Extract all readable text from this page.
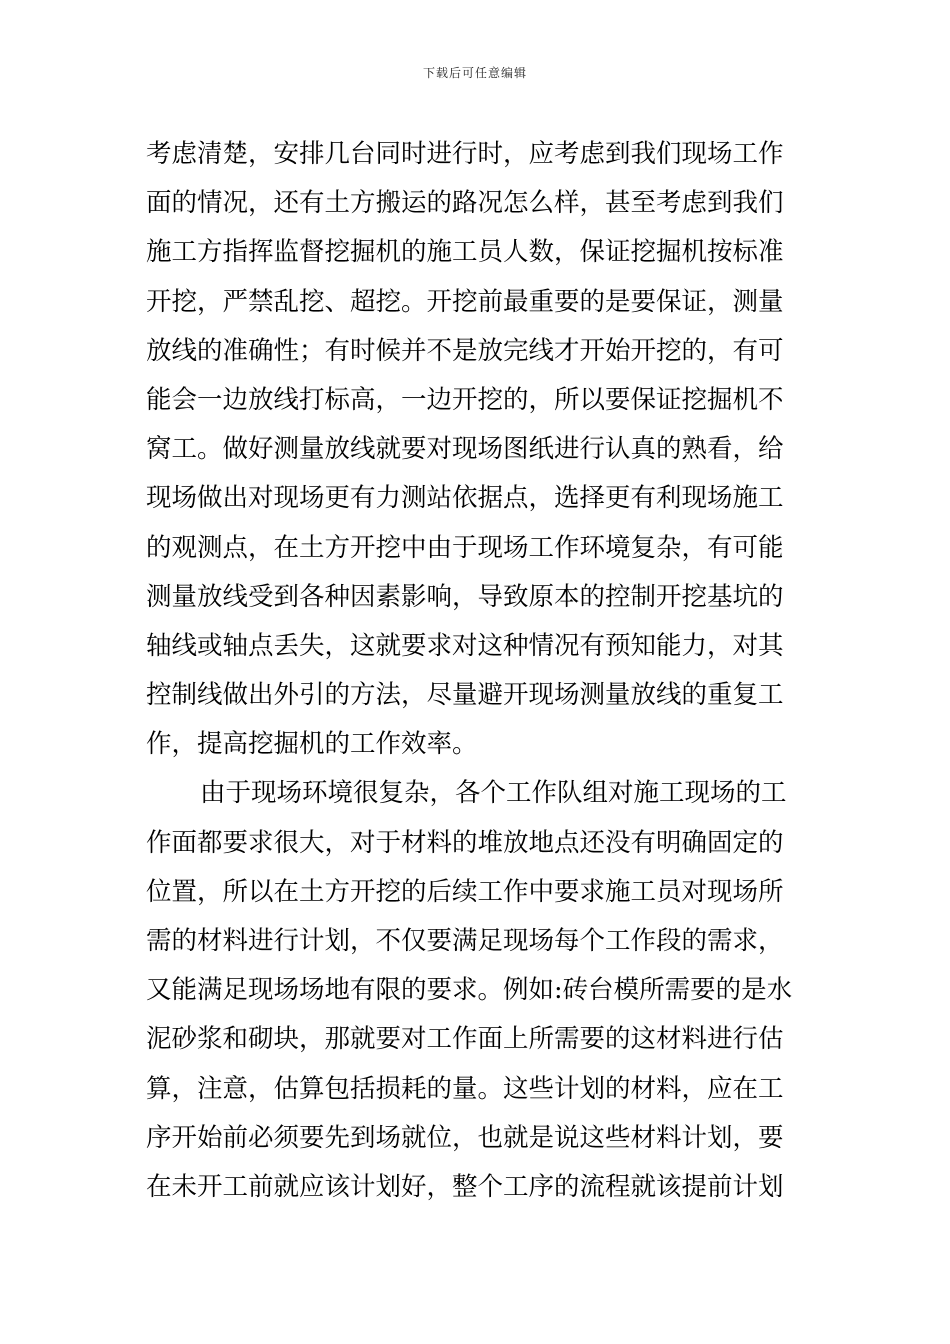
下载后可任意编辑
考虑清楚，安排几台同时进行时，应考虑到我们现场工作
面的情况，还有土方搬运的路况怎么样，甚至考虑到我们
施工方指挥监督挖掘机的施工员人数，保证挖掘机按标准
开挖，严禁乱挖、超挖。开挖前最重要的是要保证，测量
放线的准确性；有时候并不是放完线才开始开挖的，有可
能会一边放线打标高，一边开挖的，所以要保证挖掘机不
窝工。做好测量放线就要对现场图纸进行认真的熟看，给
现场做出对现场更有力测站依据点，选择更有利现场施工
的观测点，在土方开挖中由于现场工作环境复杂，有可能
测量放线受到各种因素影响，导致原本的控制开挖基坑的
轴线或轴点丢失，这就要求对这种情况有预知能力，对其
控制线做出外引的方法，尽量避开现场测量放线的重复工
作，提高挖掘机的工作效率。
由于现场环境很复杂，各个工作队组对施工现场的工
作面都要求很大，对于材料的堆放地点还没有明确固定的
位置，所以在土方开挖的后续工作中要求施工员对现场所
需的材料进行计划，不仅要满足现场每个工作段的需求，
又能满足现场场地有限的要求。例如:砖台模所需要的是水
泥砂浆和砌块，那就要对工作面上所需要的这材料进行估
算，注意，估算包括损耗的量。这些计划的材料，应在工
序开始前必须要先到场就位，也就是说这些材料计划，要
在未开工前就应该计划好，整个工序的流程就该提前计划
